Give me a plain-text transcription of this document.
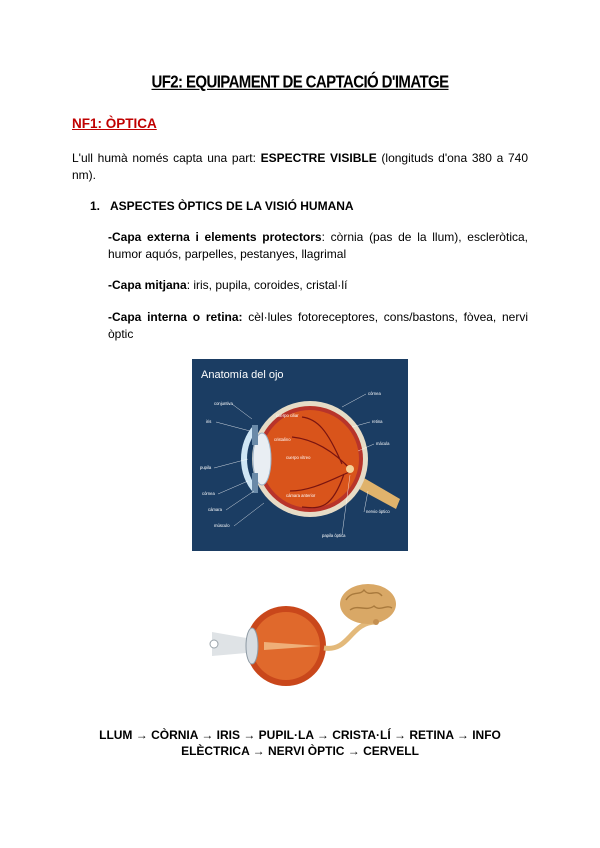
UF2: EQUIPAMENT DE CAPTACIÓ D'IMATGE
NF1: ÒPTICA
L'ull humà només capta una part: ESPECTRE VISIBLE (longituds d'ona 380 a 740 nm).
1. ASPECTES ÒPTICS DE LA VISIÓ HUMANA
-Capa externa i elements protectors: còrnia (pas de la llum), escleròtica, humor aquós, parpelles, pestanyes, llagrimal
-Capa mitjana: iris, pupila, coroides, cristal·lí
-Capa interna o retina: cèl·lules fotoreceptores, cons/bastons, fòvea, nervi òptic
Anatomía del ojo
conjuntiva
iris
pupila
córnea
cámara
músculo
cuerpo ciliar
cristalino
cuerpo vítreo
cámara anterior
córnea
retina
mácula
nervio óptico
papila óptica
LLUM → CÒRNIA → IRIS → PUPIL·LA → CRISTA·LÍ → RETINA → INFO
ELÈCTRICA → NERVI ÒPTIC → CERVELL
